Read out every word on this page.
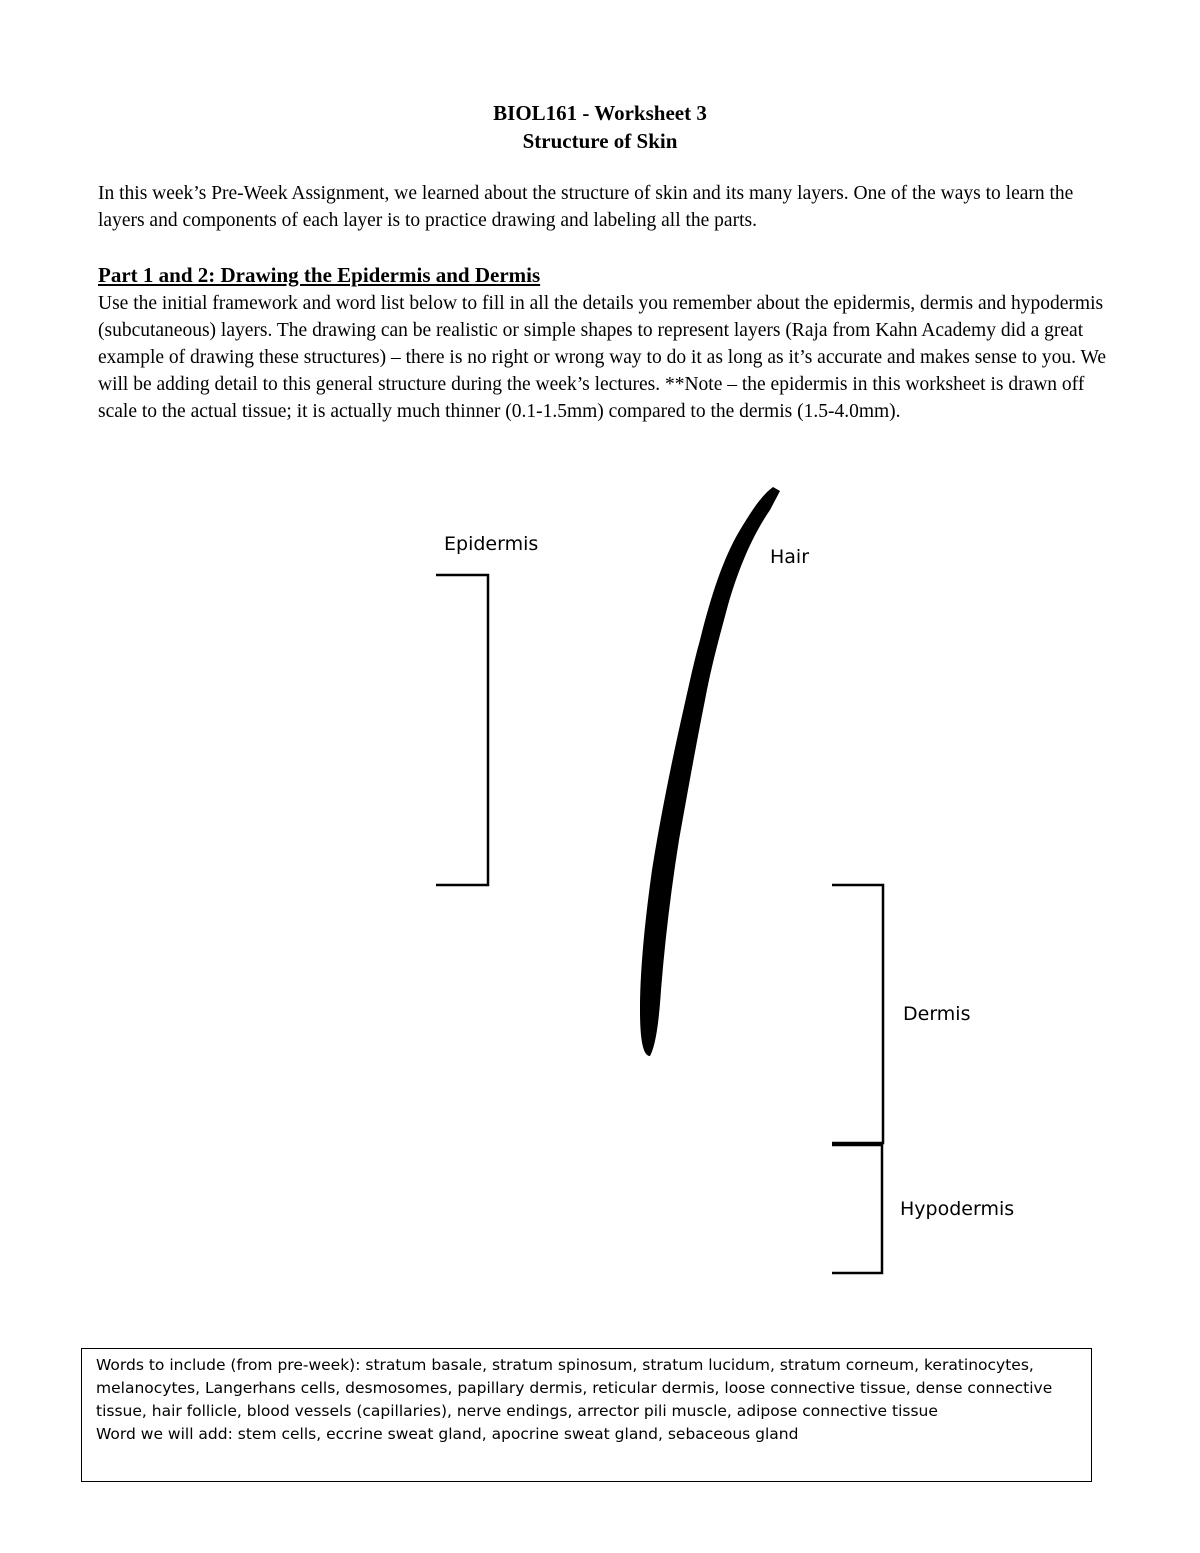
BIOL161 - Worksheet 3
Structure of Skin

In this week’s Pre-Week Assignment, we learned about the structure of skin and its many layers. One of the ways to learn the layers and components of each layer is to practice drawing and labeling all the parts.

Part 1 and 2: Drawing the Epidermis and Dermis

Use the initial framework and word list below to fill in all the details you remember about the epidermis, dermis and hypodermis (subcutaneous) layers. The drawing can be realistic or simple shapes to represent layers (Raja from Kahn Academy did a great example of drawing these structures) – there is no right or wrong way to do it as long as it’s accurate and makes sense to you. We will be adding detail to this general structure during the week’s lectures. **Note – the epidermis in this worksheet is drawn off scale to the actual tissue; it is actually much thinner (0.1-1.5mm) compared to the dermis (1.5-4.0mm).

Epidermis
Hair
Dermis
Hypodermis

Words to include (from pre-week): stratum basale, stratum spinosum, stratum lucidum, stratum corneum, keratinocytes, melanocytes, Langerhans cells, desmosomes, papillary dermis, reticular dermis, loose connective tissue, dense connective tissue, hair follicle, blood vessels (capillaries), nerve endings, arrector pili muscle, adipose connective tissue

Word we will add: stem cells, eccrine sweat gland, apocrine sweat gland, sebaceous gland
